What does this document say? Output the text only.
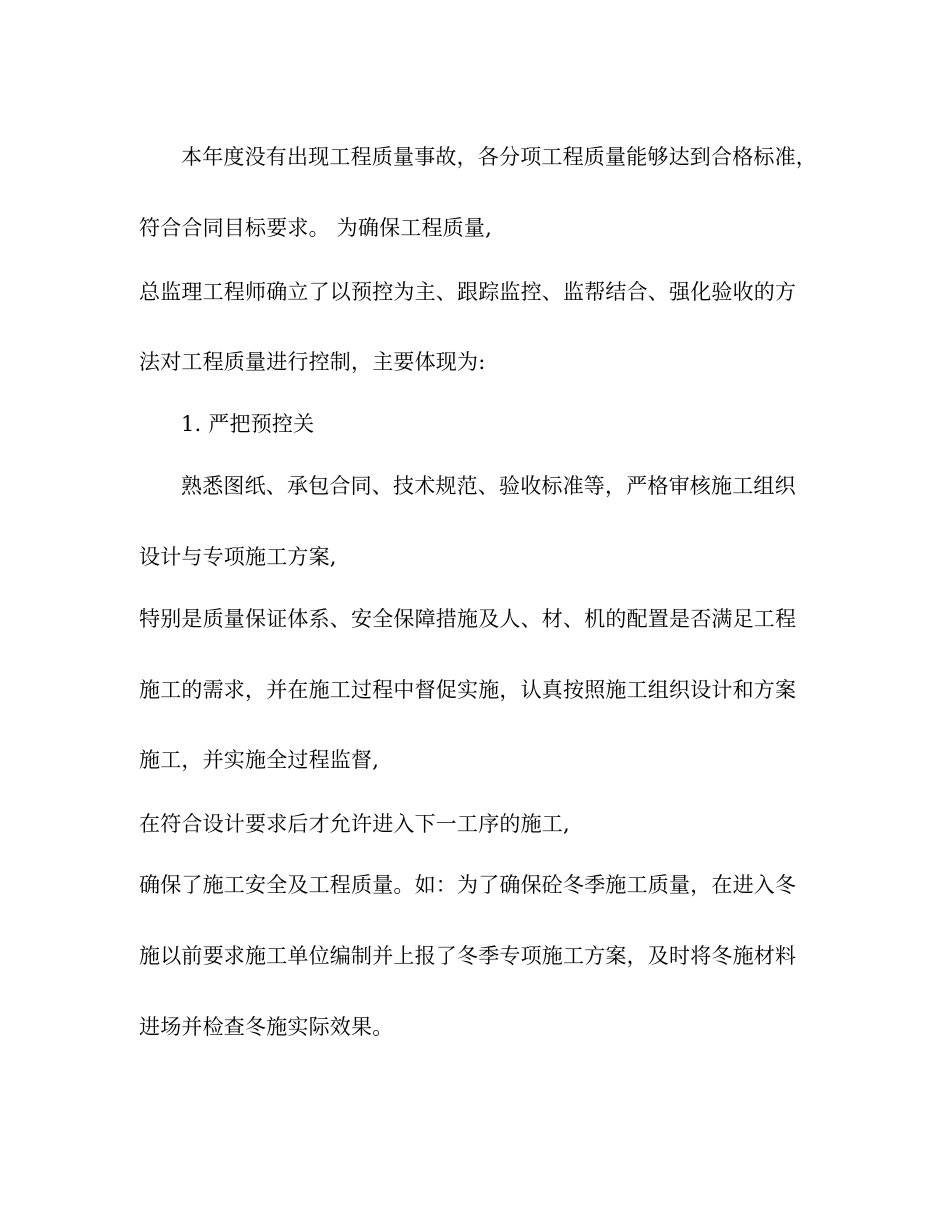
本年度没有出现工程质量事故，各分项工程质量能够达到合格标准，
符合合同目标要求。 为确保工程质量,
总监理工程师确立了以预控为主、跟踪监控、监帮结合、强化验收的方
法对工程质量进行控制，主要体现为:
1. 严把预控关
熟悉图纸、承包合同、技术规范、验收标准等，严格审核施工组织
设计与专项施工方案,
特别是质量保证体系、安全保障措施及人、材、机的配置是否满足工程
施工的需求，并在施工过程中督促实施，认真按照施工组织设计和方案
施工，并实施全过程监督,
在符合设计要求后才允许进入下一工序的施工,
确保了施工安全及工程质量。如：为了确保砼冬季施工质量，在进入冬
施以前要求施工单位编制并上报了冬季专项施工方案，及时将冬施材料
进场并检查冬施实际效果。
